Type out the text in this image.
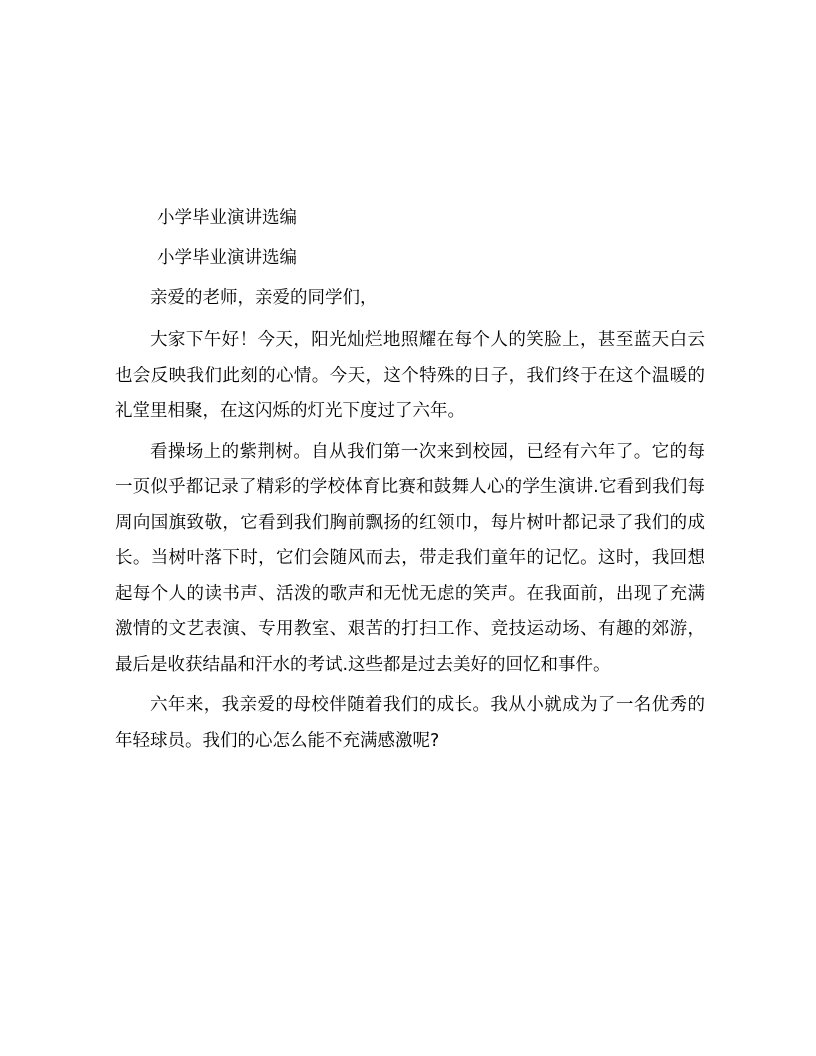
小学毕业演讲选编

小学毕业演讲选编

亲爱的老师，亲爱的同学们，

大家下午好！今天，阳光灿烂地照耀在每个人的笑脸上，甚至蓝天白云也会反映我们此刻的心情。今天，这个特殊的日子，我们终于在这个温暖的礼堂里相聚，在这闪烁的灯光下度过了六年。

看操场上的紫荆树。自从我们第一次来到校园，已经有六年了。它的每一页似乎都记录了精彩的学校体育比赛和鼓舞人心的学生演讲.它看到我们每周向国旗致敬，它看到我们胸前飘扬的红领巾，每片树叶都记录了我们的成长。当树叶落下时，它们会随风而去，带走我们童年的记忆。这时，我回想起每个人的读书声、活泼的歌声和无忧无虑的笑声。在我面前，出现了充满激情的文艺表演、专用教室、艰苦的打扫工作、竞技运动场、有趣的郊游，最后是收获结晶和汗水的考试.这些都是过去美好的回忆和事件。

六年来，我亲爱的母校伴随着我们的成长。我从小就成为了一名优秀的年轻球员。我们的心怎么能不充满感激呢?
